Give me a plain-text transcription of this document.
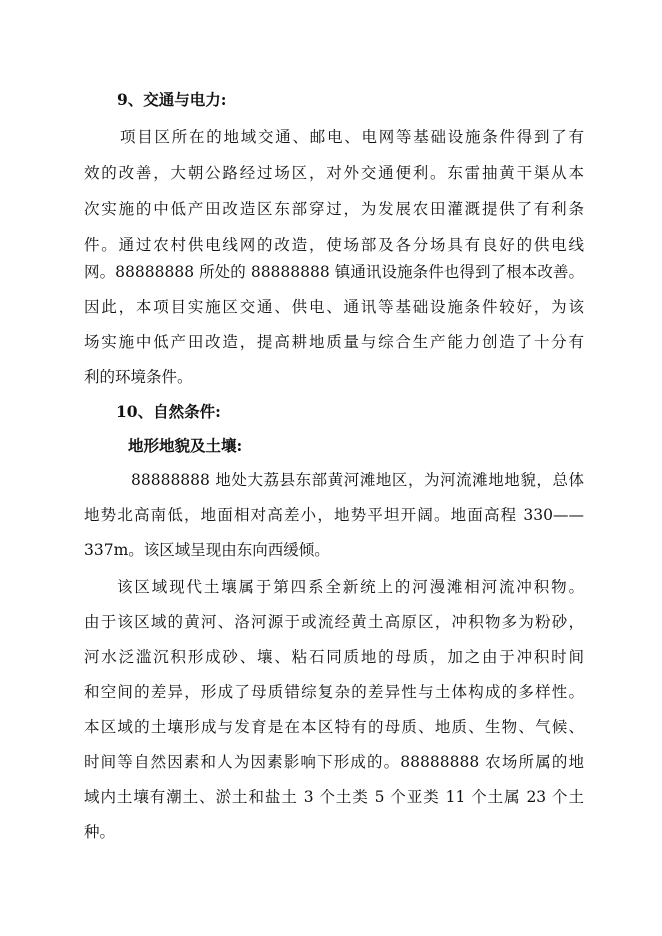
9、交通与电力:
项目区所在的地域交通、邮电、电网等基础设施条件得到了有
效的改善，大朝公路经过场区，对外交通便利。东雷抽黄干渠从本
次实施的中低产田改造区东部穿过，为发展农田灌溉提供了有利条
件。通过农村供电线网的改造，使场部及各分场具有良好的供电线
网。88888888 所处的 88888888 镇通讯设施条件也得到了根本改善。
因此，本项目实施区交通、供电、通讯等基础设施条件较好，为该
场实施中低产田改造，提高耕地质量与综合生产能力创造了十分有
利的环境条件。
10、自然条件:
地形地貌及土壤:
88888888 地处大荔县东部黄河滩地区，为河流滩地地貌，总体
地势北高南低，地面相对高差小，地势平坦开阔。地面高程 330——
337m。该区域呈现由东向西缓倾。
该区域现代土壤属于第四系全新统上的河漫滩相河流冲积物。
由于该区域的黄河、洛河源于或流经黄土高原区，冲积物多为粉砂，
河水泛滥沉积形成砂、壤、粘石同质地的母质，加之由于冲积时间
和空间的差异，形成了母质错综复杂的差异性与土体构成的多样性。
本区域的土壤形成与发育是在本区特有的母质、地质、生物、气候、
时间等自然因素和人为因素影响下形成的。88888888 农场所属的地
域内土壤有潮土、淤土和盐土 3 个土类 5 个亚类 11 个土属 23 个土
种。
